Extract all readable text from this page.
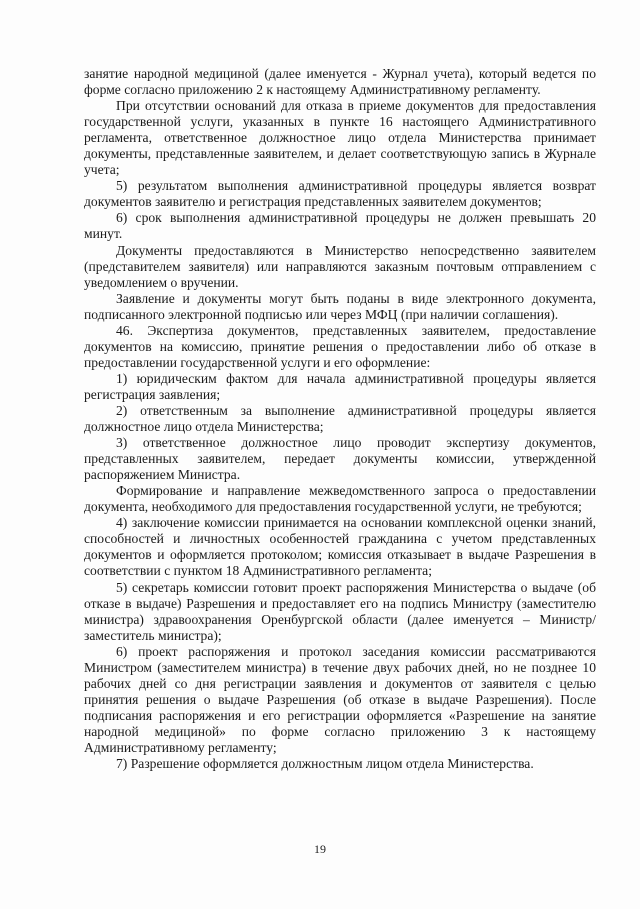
занятие народной медициной (далее именуется - Журнал учета), который ведется по форме согласно приложению 2 к настоящему Административному регламенту.

При отсутствии оснований для отказа в приеме документов для предоставления государственной услуги, указанных в пункте 16 настоящего Административного регламента, ответственное должностное лицо отдела Министерства принимает документы, представленные заявителем, и делает соответствующую запись в Журнале учета;

5) результатом выполнения административной процедуры является возврат документов заявителю и регистрация представленных заявителем документов;

6) срок выполнения административной процедуры не должен превышать 20 минут.

Документы предоставляются в Министерство непосредственно заявителем (представителем заявителя) или направляются заказным почтовым отправлением с уведомлением о вручении.

Заявление и документы могут быть поданы в виде электронного документа, подписанного электронной подписью или через МФЦ (при наличии соглашения).

46. Экспертиза документов, представленных заявителем, предоставление документов на комиссию, принятие решения о предоставлении либо об отказе в предоставлении государственной услуги и его оформление:

1) юридическим фактом для начала административной процедуры является регистрация заявления;

2) ответственным за выполнение административной процедуры является должностное лицо отдела Министерства;

3) ответственное должностное лицо проводит экспертизу документов, представленных заявителем, передает документы комиссии, утвержденной распоряжением Министра.

Формирование и направление межведомственного запроса о предоставлении документа, необходимого для предоставления государственной услуги, не требуются;

4) заключение комиссии принимается на основании комплексной оценки знаний, способностей и личностных особенностей гражданина с учетом представленных документов и оформляется протоколом; комиссия отказывает в выдаче Разрешения в соответствии с пунктом 18 Административного регламента;

5) секретарь комиссии готовит проект распоряжения Министерства о выдаче (об отказе в выдаче) Разрешения и предоставляет его на подпись Министру (заместителю министра) здравоохранения Оренбургской области (далее именуется – Министр/заместитель министра);

6) проект распоряжения и протокол заседания комиссии рассматриваются Министром (заместителем министра) в течение двух рабочих дней, но не позднее 10 рабочих дней со дня регистрации заявления и документов от заявителя с целью принятия решения о выдаче Разрешения (об отказе в выдаче Разрешения). После подписания распоряжения и его регистрации оформляется «Разрешение на занятие народной медициной» по форме согласно приложению 3 к настоящему Административному регламенту;

7) Разрешение оформляется должностным лицом отдела Министерства.

19
